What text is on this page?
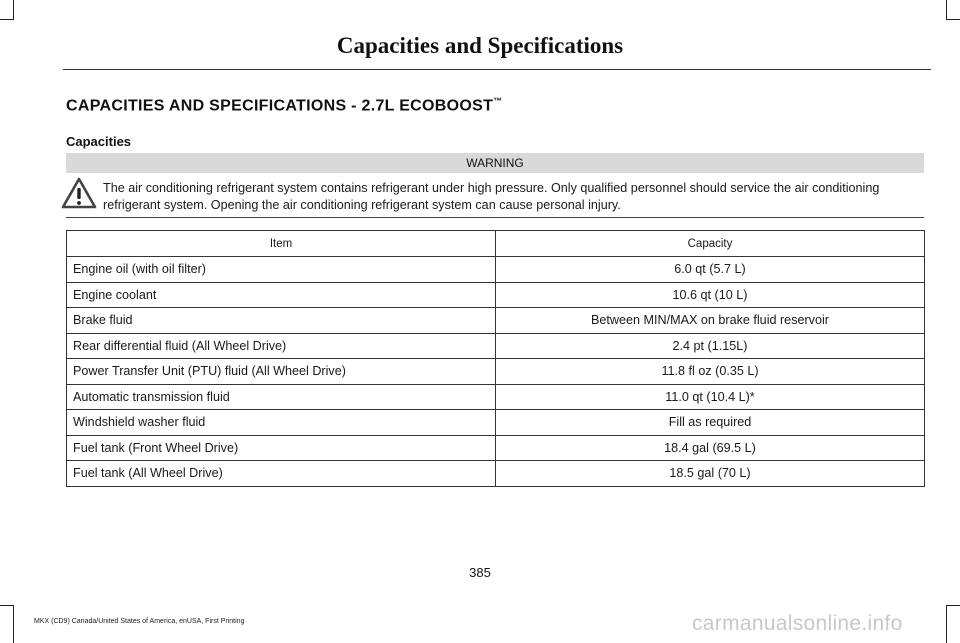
Capacities and Specifications
CAPACITIES AND SPECIFICATIONS - 2.7L ECOBOOST™
Capacities
WARNING
The air conditioning refrigerant system contains refrigerant under high pressure. Only qualified personnel should service the air conditioning refrigerant system. Opening the air conditioning refrigerant system can cause personal injury.
Item	Capacity
Engine oil (with oil filter)	6.0 qt (5.7 L)
Engine coolant	10.6 qt (10 L)
Brake fluid	Between MIN/MAX on brake fluid reservoir
Rear differential fluid (All Wheel Drive)	2.4 pt (1.15L)
Power Transfer Unit (PTU) fluid (All Wheel Drive)	11.8 fl oz (0.35 L)
Automatic transmission fluid	11.0 qt (10.4 L)*
Windshield washer fluid	Fill as required
Fuel tank (Front Wheel Drive)	18.4 gal (69.5 L)
Fuel tank (All Wheel Drive)	18.5 gal (70 L)
385
MKX (CD9) Canada/United States of America, enUSA, First Printing	carmanualsonline.info
